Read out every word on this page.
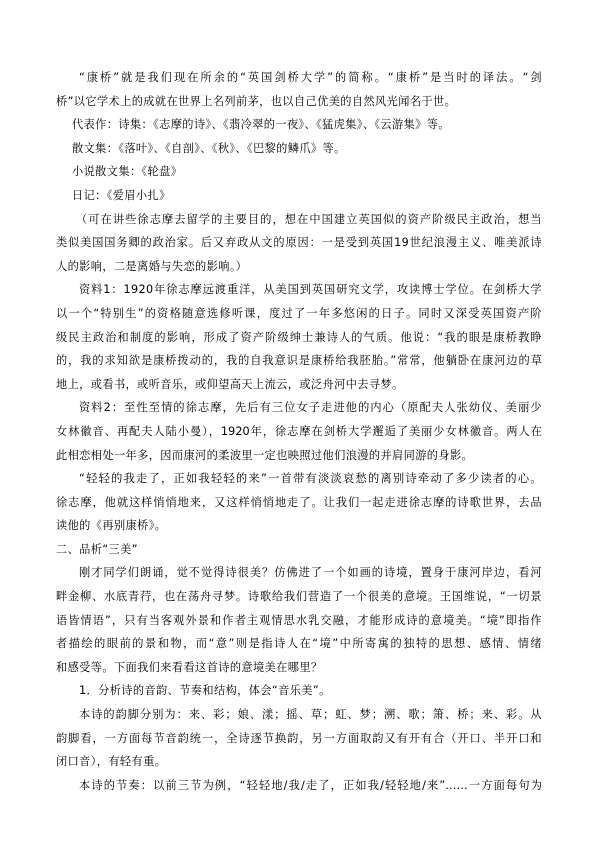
“康桥”就是我们现在所余的“英国剑桥大学”的简称。“康桥”是当时的译法。“剑
桥”以它学术上的成就在世界上名列前茅，也以自己优美的自然风光闻名于世。
代表作：诗集：《志摩的诗》、《翡冷翠的一夜》、《猛虎集》、《云游集》等。
散文集：《落叶》、《自剖》、《秋》、《巴黎的鳞爪》等。
小说散文集：《轮盘》
日记：《爱眉小扎》
（可在讲些徐志摩去留学的主要目的，想在中国建立英国似的资产阶级民主政治，想当
类似美国国务卿的政治家。后又弃政从文的原因：一是受到英国19世纪浪漫主义、唯美派诗
人的影响，二是离婚与失恋的影响。）
资料1：1920年徐志摩远渡重洋，从美国到英国研究文学，攻读博士学位。在剑桥大学
以一个“特别生”的资格随意选修听课，度过了一年多悠闲的日子。同时又深受英国资产阶
级民主政治和制度的影响，形成了资产阶级绅士兼诗人的气质。他说：“我的眼是康桥教睁
的，我的求知欲是康桥拨动的，我的自我意识是康桥给我胚胎。”常常，他躺卧在康河边的草
地上，或看书，或听音乐，或仰望高天上流云，或泛舟河中去寻梦。
资料2：至性至情的徐志摩，先后有三位女子走进他的内心（原配夫人张幼仪、美丽少
女林徽音、再配夫人陆小曼），1920年，徐志摩在剑桥大学邂逅了美丽少女林徽音。两人在
此相恋相处一年多，因而康河的柔波里一定也映照过他们浪漫的并肩同游的身影。
“轻轻的我走了，正如我轻轻的来”一首带有淡淡哀愁的离别诗牵动了多少读者的心。
徐志摩，他就这样悄悄地来，又这样悄悄地走了。让我们一起走进徐志摩的诗歌世界，去品
读他的《再别康桥》。
二、品析“三美”
刚才同学们朗诵，觉不觉得诗很美？仿佛进了一个如画的诗境，置身于康河岸边，看河
畔金柳、水底青荇，也在荡舟寻梦。诗歌给我们营造了一个很美的意境。王国维说，“一切景
语皆情语”，只有当客观外景和作者主观情思水乳交融，才能形成诗的意境美。“境”即指作
者描绘的眼前的景和物，而“意”则是指诗人在“境”中所寄寓的独特的思想、感情、情绪
和感受等。下面我们来看看这首诗的意境美在哪里？
1．分析诗的音韵、节奏和结构，体会“音乐美”。
本诗的韵脚分别为：来、彩；娘、漾；摇、草；虹、梦；溯、歌；箫、桥；来、彩。从
韵脚看，一方面每节音韵统一，全诗逐节换韵，另一方面取韵又有开有合（开口、半开口和
闭口音），有轻有重。
本诗的节奏：以前三节为例，“轻轻地/我/走了，正如我/轻轻地/来”……一方面每句为
